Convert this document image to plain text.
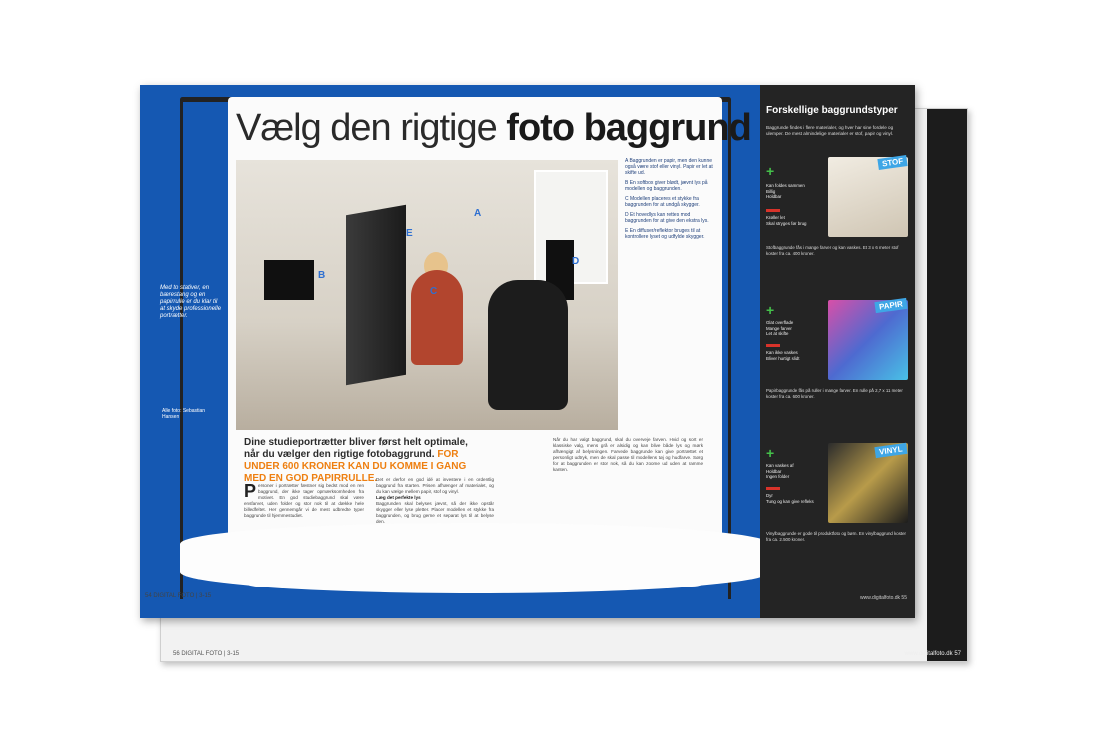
56 DIGITAL FOTO | 3-15	www.digitalfoto.dk 57
Vælg den rigtige foto baggrund
A
B
C
D
E
Alle foto: Sebastian Hansen
Med to stativer, en bærestang og en papirrulle er du klar til at skyde professionelle portrætter.

A Baggrunden er papir, men den kunne også være stof eller vinyl. Papir er let at skifte ud.

B En softbox giver blødt, jævnt lys på modellen og baggrunden.

C Modellen placeres et stykke fra baggrunden for at undgå skygger.

D Et hovedlys kan rettes mod baggrunden for at give den ekstra lys.

E En diffuser/reflektor bruges til at kontrollere lyset og udfylde skygger.

Dine studieportrætter bliver først helt optimale, når du vælger den rigtige fotobaggrund. FOR UNDER 600 KRONER KAN DU KOMME I GANG MED EN GOD PAPIRRULLE.
P ersoner i portrætter fæstner sig bedst mod en ren baggrund, der ikke tager opmærksomheden fra motivet. En god studiebaggrund skal være ensfarvet, uden folder og stor nok til at dække hele billedfeltet. Her gennemgår vi de mest udbredte typer baggrunde til hjemmestudiet.
Det er derfor en god idé at investere i en ordentlig baggrund fra starten. Prisen afhænger af materialet, og du kan vælge mellem papir, stof og vinyl.
Læg det perfekte lys
Baggrunden skal belyses jævnt, så der ikke opstår skygger eller lyse pletter. Placer modellen et stykke fra baggrunden, og brug gerne et separat lys til at belyse den.
Når du har valgt baggrund, skal du overveje farven. Hvid og sort er klassiske valg, mens grå er alsidig og kan blive både lys og mørk afhængigt af belysningen. Farvede baggrunde kan give portrættet et personligt udtryk, men de skal passe til modellens tøj og hudfarve. Sørg for at baggrunden er stor nok, så du kan zoome ud uden at ramme kanten.
54 DIGITAL FOTO | 3-15
Forskellige baggrundstyper
Baggrunde findes i flere materialer, og hver har sine fordele og ulemper. De mest almindelige materialer er stof, papir og vinyl.
+
Kan foldes sammen
Billig
Holdbar
Krøller let
Skal stryges før brug
STOF
Stofbaggrunde fås i mange farver og kan vaskes. Et 3 x 6 meter stof koster fra ca. 400 kroner.
+
Glat overflade
Mange farver
Let at skifte
Kan ikke vaskes
Bliver hurtigt slidt
PAPIR
Papirbaggrunde fås på ruller i mange farver. En rulle på 2,7 x 11 meter koster fra ca. 600 kroner.
+
Kan vaskes af
Holdbar
Ingen folder
Dyr
Tung og kan give refleks
VINYL
Vinylbaggrunde er gode til produktfoto og børn. En vinylbaggrund koster fra ca. 2.500 kroner.
www.digitalfoto.dk 55
